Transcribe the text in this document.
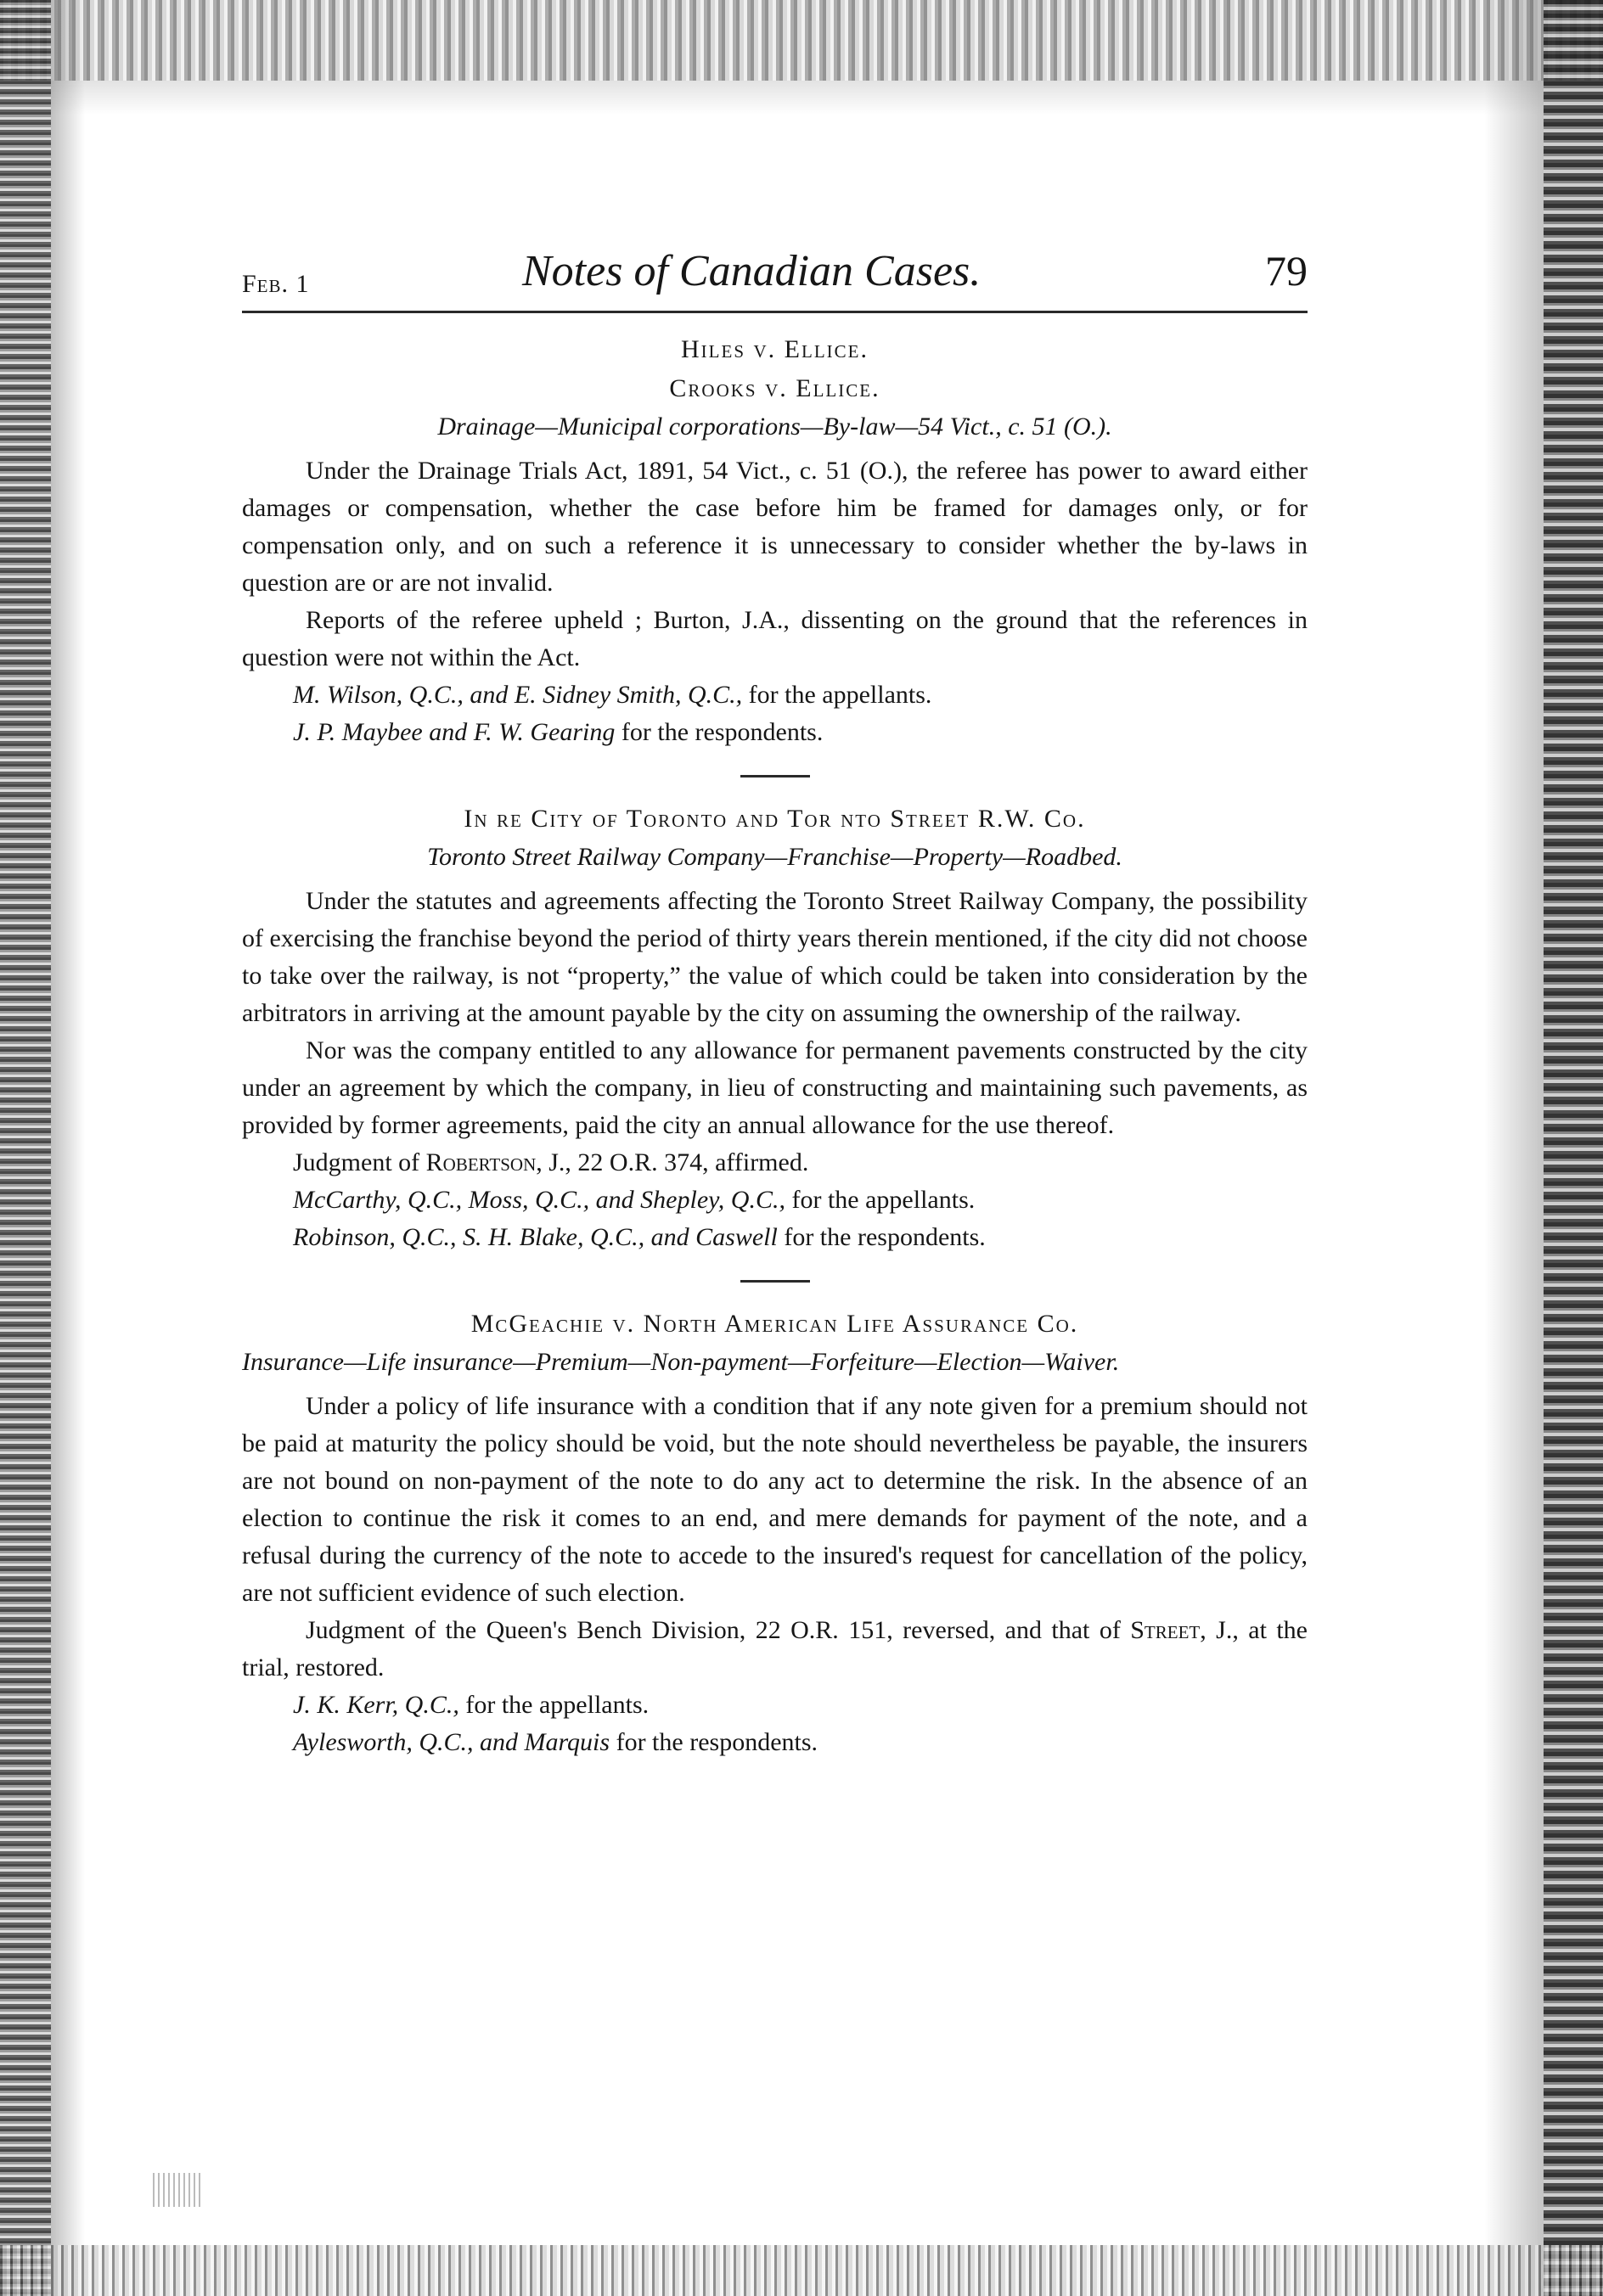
Feb. 1	Notes of Canadian Cases.	79
Hiles v. Ellice.
Crooks v. Ellice.
Drainage—Municipal corporations—By-law—54 Vict., c. 51 (O.).

Under the Drainage Trials Act, 1891, 54 Vict., c. 51 (O.), the referee has power to award either damages or compensation, whether the case before him be framed for damages only, or for compensation only, and on such a reference it is unnecessary to consider whether the by-laws in question are or are not invalid.

Reports of the referee upheld ; Burton, J.A., dissenting on the ground that the references in question were not within the Act.

M. Wilson, Q.C., and E. Sidney Smith, Q.C., for the appellants.

J. P. Maybee and F. W. Gearing for the respondents.

In re City of Toronto and Tor nto Street R.W. Co.
Toronto Street Railway Company—Franchise—Property—Roadbed.

Under the statutes and agreements affecting the Toronto Street Railway Company, the possibility of exercising the franchise beyond the period of thirty years therein mentioned, if the city did not choose to take over the railway, is not “property,” the value of which could be taken into consideration by the arbitrators in arriving at the amount payable by the city on assuming the ownership of the railway.

Nor was the company entitled to any allowance for permanent pavements constructed by the city under an agreement by which the company, in lieu of constructing and maintaining such pavements, as provided by former agreements, paid the city an annual allowance for the use thereof.

Judgment of Robertson, J., 22 O.R. 374, affirmed.

McCarthy, Q.C., Moss, Q.C., and Shepley, Q.C., for the appellants.

Robinson, Q.C., S. H. Blake, Q.C., and Caswell for the respondents.

McGeachie v. North American Life Assurance Co.
Insurance—Life insurance—Premium—Non-payment—Forfeiture—Election—Waiver.

Under a policy of life insurance with a condition that if any note given for a premium should not be paid at maturity the policy should be void, but the note should nevertheless be payable, the insurers are not bound on non-payment of the note to do any act to determine the risk. In the absence of an election to continue the risk it comes to an end, and mere demands for payment of the note, and a refusal during the currency of the note to accede to the insured's request for cancellation of the policy, are not sufficient evidence of such election.

Judgment of the Queen's Bench Division, 22 O.R. 151, reversed, and that of Street, J., at the trial, restored.

J. K. Kerr, Q.C., for the appellants.

Aylesworth, Q.C., and Marquis for the respondents.
